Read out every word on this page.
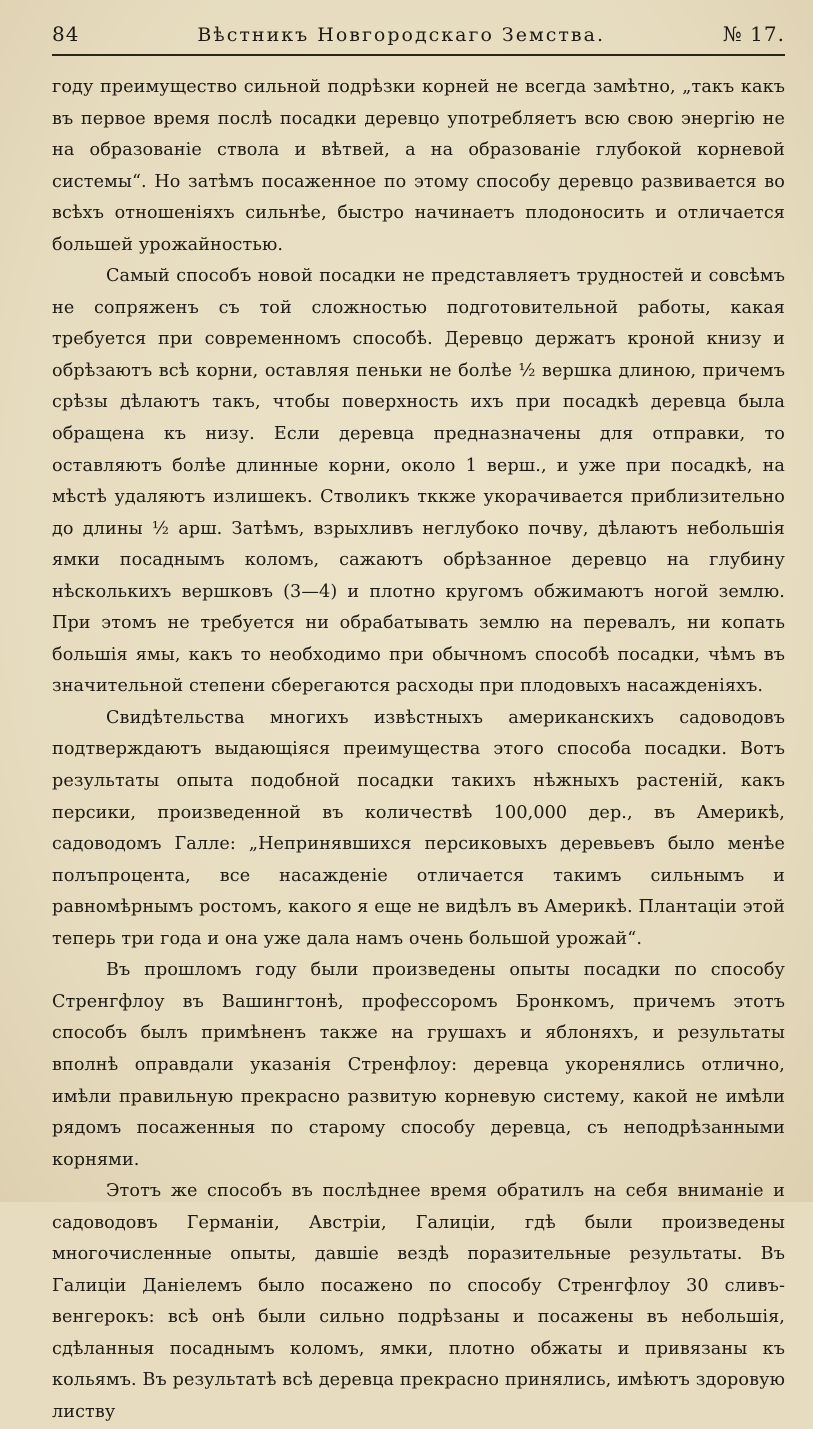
84	Вѣстникъ Новгородскаго Земства.	№ 17.

году преимущество сильной подрѣзки корней не всегда замѣтно, „такъ какъ въ первое время послѣ посадки деревцо употребляетъ всю свою энергію не на образованіе ствола и вѣтвей, а на образованіе глубокой корневой системы“. Но затѣмъ посаженное по этому способу деревцо развивается во всѣхъ отношеніяхъ сильнѣе, быстро начинаетъ плодоносить и отличается большей урожайностью.

Самый способъ новой посадки не представляетъ трудностей и совсѣмъ не сопряженъ съ той сложностью подготовительной работы, какая требуется при современномъ способѣ. Деревцо держатъ кроной книзу и обрѣзаютъ всѣ корни, оставляя пеньки не болѣе ½ вершка длиною, причемъ срѣзы дѣлаютъ такъ, чтобы поверхность ихъ при посадкѣ деревца была обращена къ низу. Если деревца предназначены для отправки, то оставляютъ болѣе длинные корни, около 1 верш., и уже при посадкѣ, на мѣстѣ удаляютъ излишекъ. Стволикъ тккже укорачивается приблизительно до длины ½ арш. Затѣмъ, взрыхливъ неглубоко почву, дѣлаютъ небольшія ямки посаднымъ коломъ, сажаютъ обрѣзанное деревцо на глубину нѣсколькихъ вершковъ (3—4) и плотно кругомъ обжимаютъ ногой землю. При этомъ не требуется ни обрабатывать землю на перевалъ, ни копать большія ямы, какъ то необходимо при обычномъ способѣ посадки, чѣмъ въ значительной степени сберегаются расходы при плодовыхъ насажденіяхъ.

Свидѣтельства многихъ извѣстныхъ американскихъ садоводовъ подтверждаютъ выдающіяся преимущества этого способа посадки. Вотъ результаты опыта подобной посадки такихъ нѣжныхъ растеній, какъ персики, произведенной въ количествѣ 100,000 дер., въ Америкѣ, садоводомъ Галле: „Непринявшихся персиковыхъ деревьевъ было менѣе полъпроцента, все насажденіе отличается такимъ сильнымъ и равномѣрнымъ ростомъ, какого я еще не видѣлъ въ Америкѣ. Плантаціи этой теперь три года и она уже дала намъ очень большой урожай“.

Въ прошломъ году были произведены опыты посадки по способу Стренгфлоу въ Вашингтонѣ, профессоромъ Бронкомъ, причемъ этотъ способъ былъ примѣненъ также на грушахъ и яблоняхъ, и результаты вполнѣ оправдали указанія Стренфлоу: деревца укоренялись отлично, имѣли правильную прекрасно развитую корневую систему, какой не имѣли рядомъ посаженныя по старому способу деревца, съ неподрѣзанными корнями.

Этотъ же способъ въ послѣднее время обратилъ на себя вниманіе и садоводовъ Германіи, Австріи, Галиціи, гдѣ были произведены многочисленные опыты, давшіе вездѣ поразительные результаты. Въ Галиціи Даніелемъ было посажено по способу Стренгфлоу 30 сливъ-венгерокъ: всѣ онѣ были сильно подрѣзаны и посажены въ небольшія, сдѣланныя посаднымъ коломъ, ямки, плотно обжаты и привязаны къ кольямъ. Въ результатѣ всѣ деревца прекрасно принялись, имѣютъ здоровую листву
